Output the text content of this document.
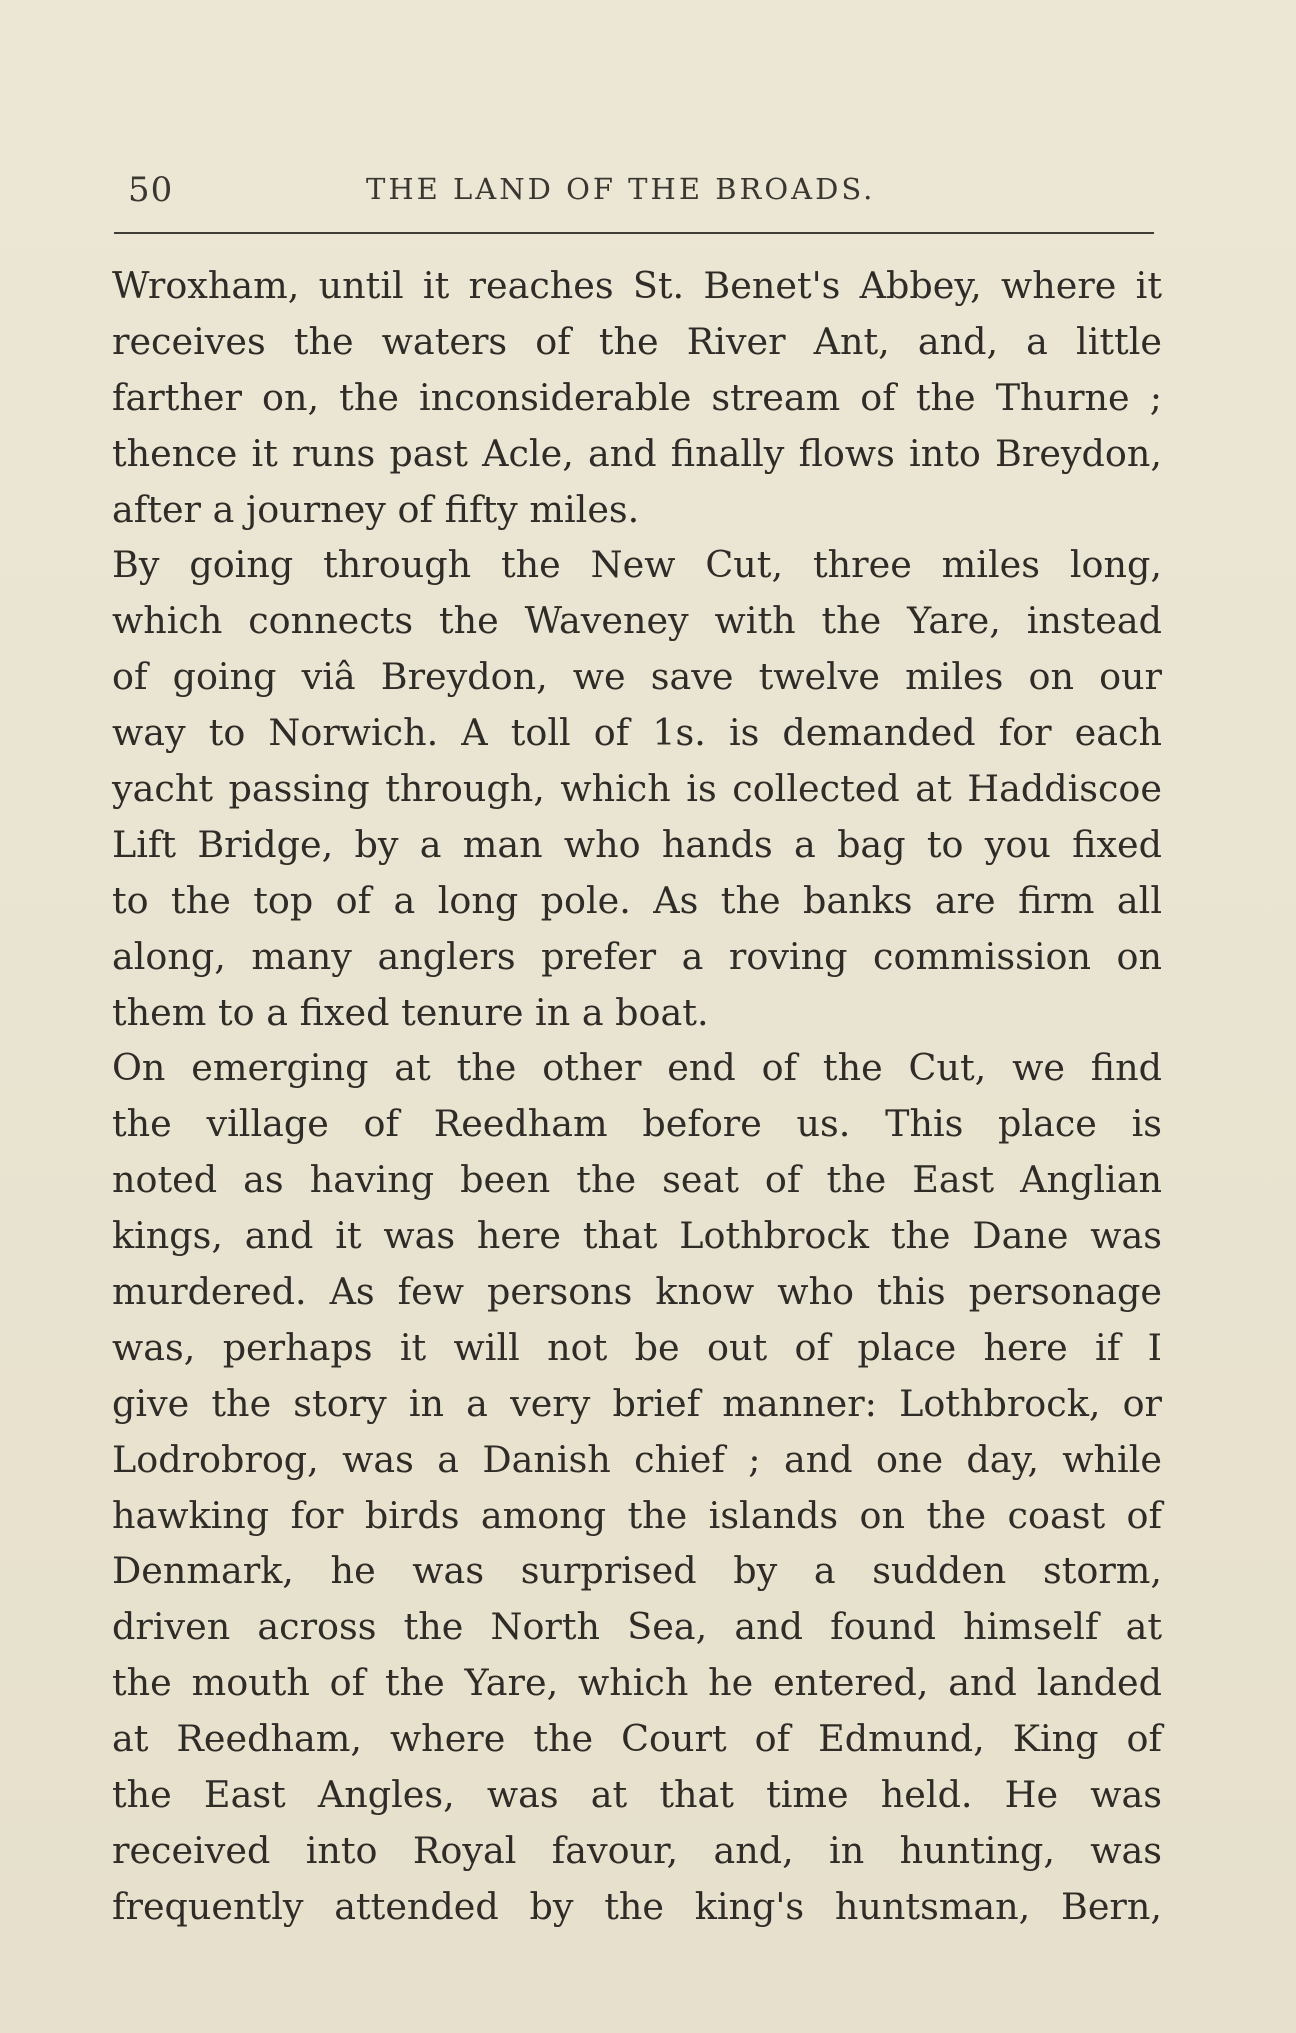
50	THE LAND OF THE BROADS.
Wroxham, until it reaches St. Benet's Abbey, where it
receives the waters of the River Ant, and, a little
farther on, the inconsiderable stream of the Thurne ;
thence it runs past Acle, and finally flows into Breydon,
after a journey of fifty miles.
By going through the New Cut, three miles long,
which connects the Waveney with the Yare, instead
of going viâ Breydon, we save twelve miles on our
way to Norwich. A toll of 1s. is demanded for each
yacht passing through, which is collected at Haddiscoe
Lift Bridge, by a man who hands a bag to you fixed
to the top of a long pole. As the banks are firm all
along, many anglers prefer a roving commission on
them to a fixed tenure in a boat.
On emerging at the other end of the Cut, we find
the village of Reedham before us. This place is
noted as having been the seat of the East Anglian
kings, and it was here that Lothbrock the Dane was
murdered. As few persons know who this personage
was, perhaps it will not be out of place here if I
give the story in a very brief manner: Lothbrock, or
Lodrobrog, was a Danish chief ; and one day, while
hawking for birds among the islands on the coast of
Denmark, he was surprised by a sudden storm,
driven across the North Sea, and found himself at
the mouth of the Yare, which he entered, and landed
at Reedham, where the Court of Edmund, King of
the East Angles, was at that time held. He was
received into Royal favour, and, in hunting, was
frequently attended by the king's huntsman, Bern,
